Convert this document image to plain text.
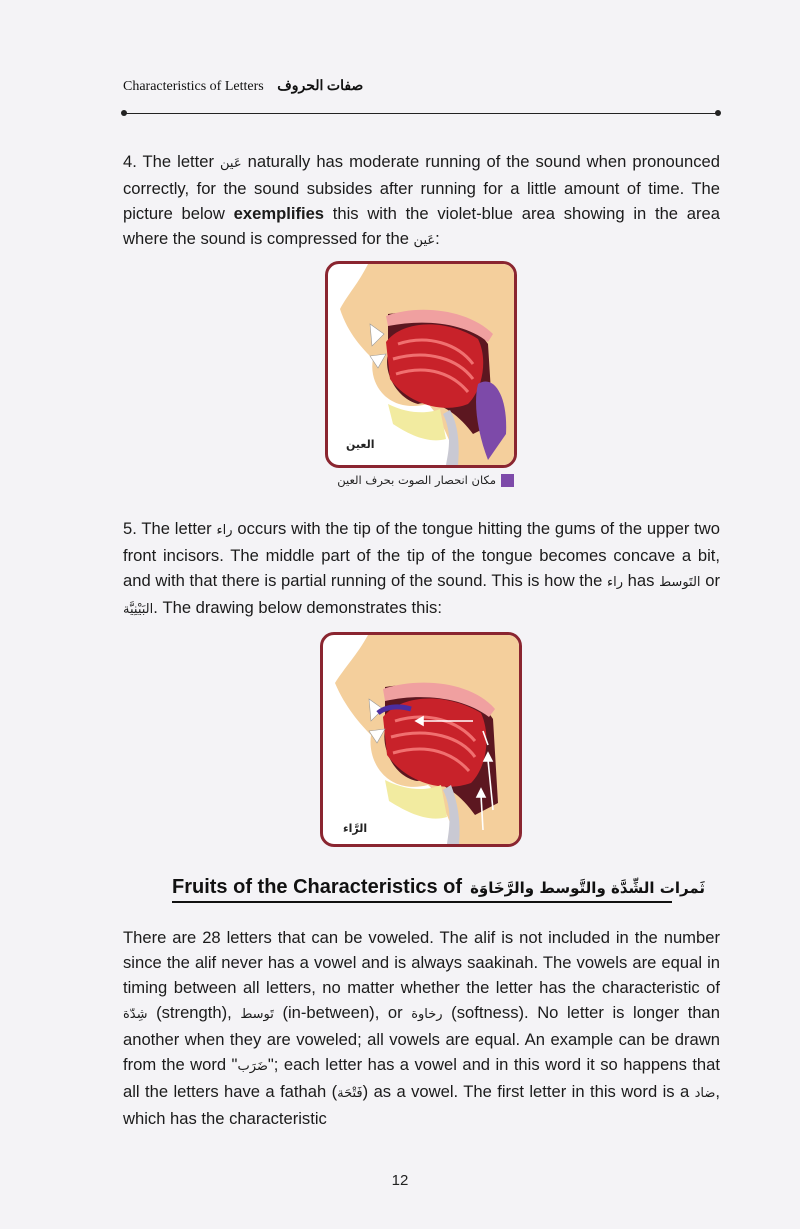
Characteristics of Letters صفات الحروف
4. The letter عَين naturally has moderate running of the sound when pronounced correctly, for the sound subsides after running for a little amount of time. The picture below exemplifies this with the violet-blue area showing in the area where the sound is compressed for the عَين:
العين
مكان انحصار الصوت بحرف العين
5. The letter راء occurs with the tip of the tongue hitting the gums of the upper two front incisors. The middle part of the tip of the tongue becomes concave a bit, and with that there is partial running of the sound. This is how the راء has التَوسط or البَيْنِيَّة. The drawing below demonstrates this:
الرَّاء
Fruits of the Characteristics of ثَمرات الشِّدَّة والتَّوسط والرَّخَاوَة
There are 28 letters that can be voweled. The alif is not included in the number since the alif never has a vowel and is always saakinah. The vowels are equal in timing between all letters, no matter whether the letter has the characteristic of شِدّة (strength), تَوسط (in-between), or رخاوة (softness). No letter is longer than another when they are voweled; all vowels are equal. An example can be drawn from the word "ضَرَب"; each letter has a vowel and in this word it so happens that all the letters have a fathah (فَتْحَة) as a vowel. The first letter in this word is a ضاد, which has the characteristic
12
